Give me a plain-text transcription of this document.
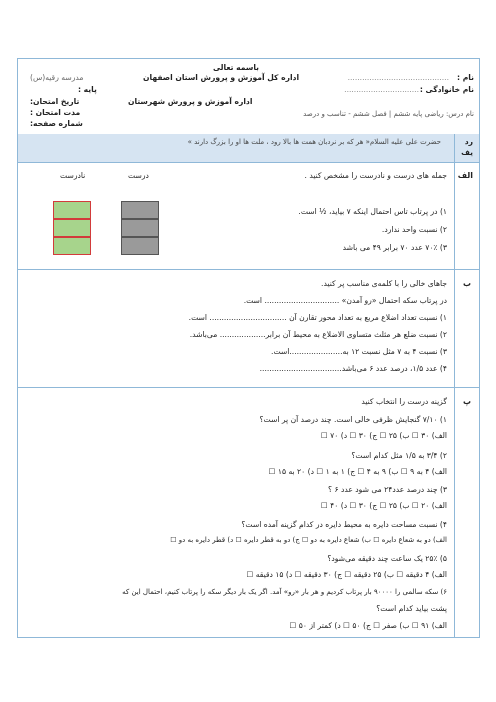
باسمه تعالی
نام :
..........................................
نام خانوادگی :
...............................
اداره کل آموزش و پرورش استان اصفهان
اداره آموزش و پرورش شهرستان
مدرسه رقیه(س)
پایه :
تاریخ امتحان:
مدت امتحان :
شماره صفحه:
نام درس: ریاضی پایه ششم | فصل ششم - تناسب و درصد
حضرت علی علیه السلام« هر که بر نردبان همت ها بالا رود ، ملت ها او را بزرگ دارند »	رد
یف
الف
جمله های درست و نادرست را مشخص کنید .
درست
نادرست
۱) در پرتاب تاس احتمال اینکه ۷ بیاید، ½ است.
۲) نسبت واحد ندارد.
۳) ۷۰٪ عدد ۷۰ برابر ۴۹ می باشد
ب
جاهای خالی را با کلمه‌ی مناسب پر کنید.
در پرتاب سکه احتمال «رو آمدن» ............................... است.
۱) نسبت تعداد اضلاع مربع به تعداد محور تقارن آن ................................ است.
۲) نسبت ضلع هر مثلث متساوی الاضلاع به محیط آن برابر................... می‌باشد.
۳) نسبت ۴ به ۷ مثل نسبت ۱۲ به......................است.
۴) عدد ۱/۵، درصد عدد ۶ می‌باشد..................................
پ
گزینه درست را انتخاب کنید
۱) ۷/۱۰ گنجایش ظرفی خالی است. چند درصد آن پر است؟
الف) ۳۰ ☐ ب) ۲۵ ☐ ج) ۳۰ ☐ د) ۷۰ ☐
۲) ۳/۴ به ۱/۵ مثل کدام است؟
الف) ۴ به ۹ ☐ ب) ۹ به ۴ ☐ ج) ۱ به ۱ ☐ د) ۲۰ به ۱۵ ☐
۳) چند درصد عدد۲۴ می شود عدد ۶ ؟
الف) ۲۰ ☐ ب) ۲۵ ☐ ج) ۳۰ ☐ د) ۴۰ ☐
۴) نسبت مساحت دایره به محیط دایره در کدام گزینه آمده است؟
الف) دو به شعاع دایره ☐ ب) شعاع دایره به دو ☐ ج) دو به قطر دایره ☐ د) قطر دایره به دو ☐
۵) ۲۵٪ یک ساعت چند دقیقه می‌شود؟
الف) ۴ دقیقه ☐ ب) ۲۵ دقیقه ☐ ج) ۳۰ دقیقه ☐ د) ۱۵ دقیقه ☐
۶) سکه سالمی را ۹۰۰۰۰ بار پرتاب کردیم و هر بار «رو» آمد. اگر یک بار دیگر سکه را پرتاب کنیم، احتمال این که
پشت بیاید کدام است؟
الف) ۹۱ ☐ ب) صفر ☐ ج) ۵۰ ☐ د) کمتر از ۵۰ ☐
